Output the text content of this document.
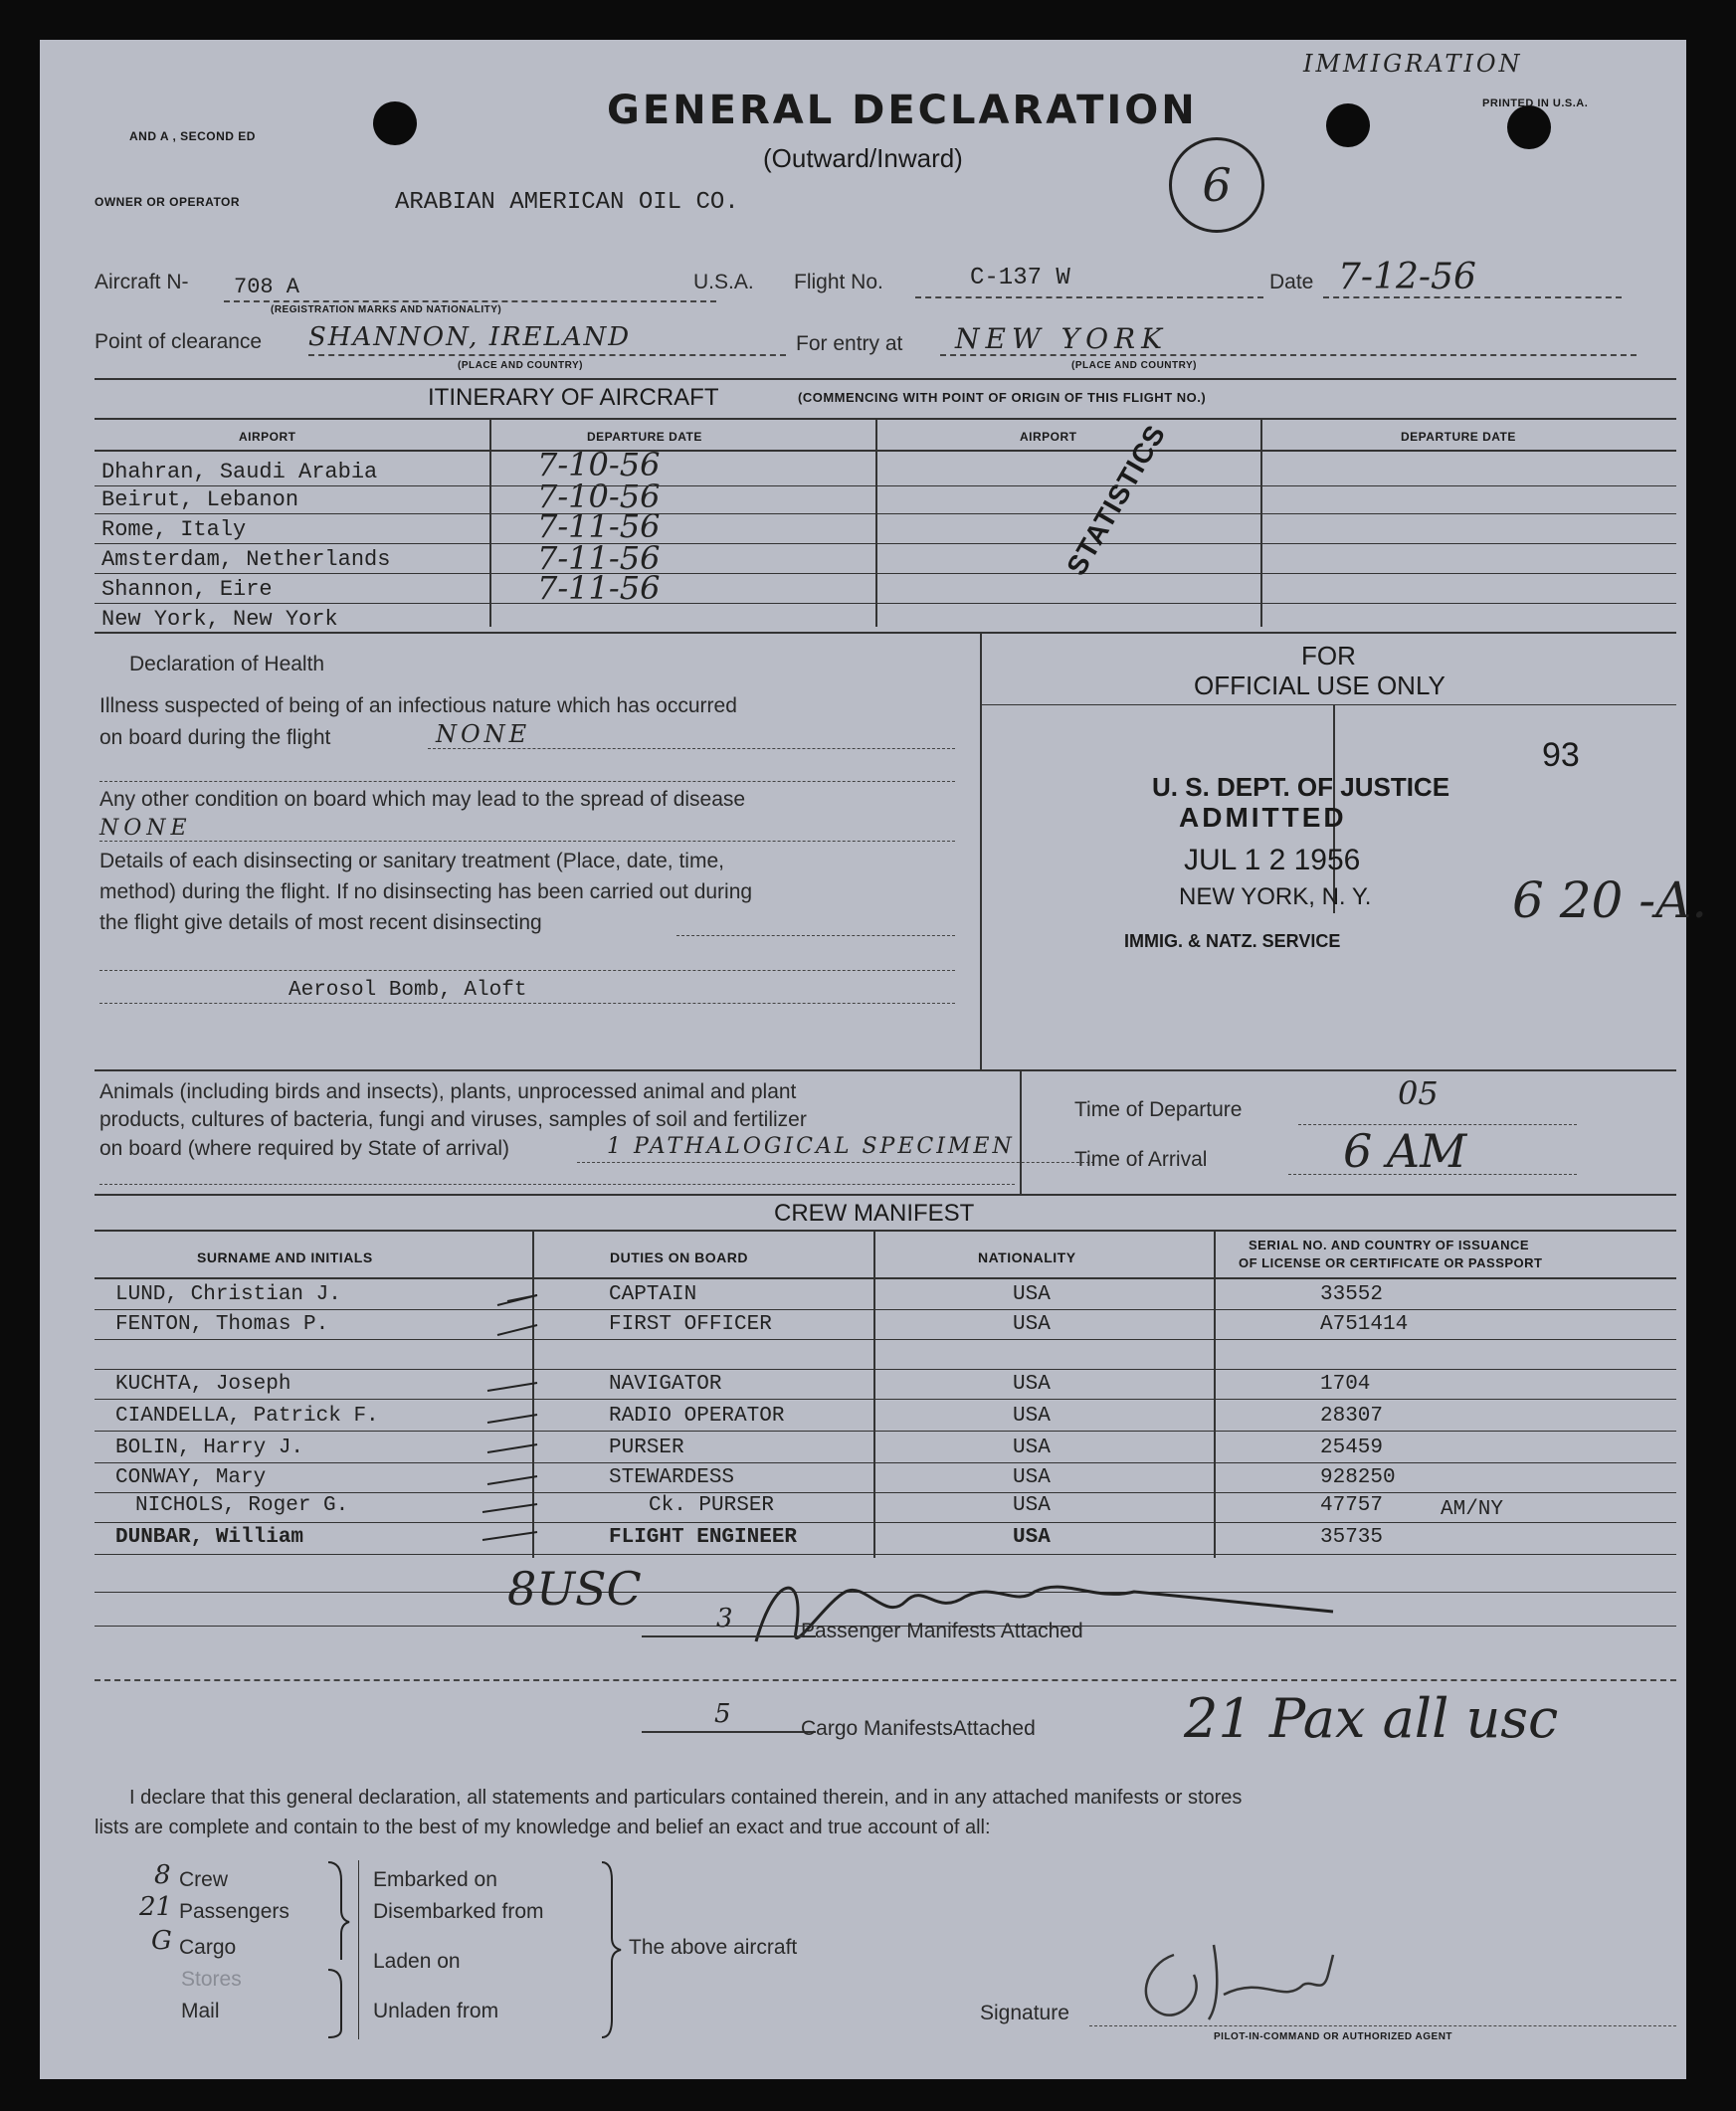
AND A , SECOND ED
GENERAL DECLARATION
(Outward/Inward)
IMMIGRATION
PRINTED IN U.S.A.
6
OWNER OR OPERATOR	ARABIAN AMERICAN OIL CO.
Aircraft N- 708 A
(REGISTRATION MARKS AND NATIONALITY)
U.S.A. Flight No.	C-137 W	Date 7-12-56
Point of clearance SHANNON, IRELAND
(PLACE AND COUNTRY)
For entry at NEW YORK
(PLACE AND COUNTRY)
ITINERARY OF AIRCRAFT	(COMMENCING WITH POINT OF ORIGIN OF THIS FLIGHT NO.)
AIRPORT	DEPARTURE DATE	AIRPORT	DEPARTURE DATE
Dhahran, Saudi Arabia	7-10-56
Beirut, Lebanon	7-10-56
Rome, Italy	7-11-56
Amsterdam, Netherlands	7-11-56
Shannon, Eire	7-11-56
New York, New York
STATISTICS
Declaration of Health
Illness suspected of being of an infectious nature which has occurred
on board during the flight	NONE
Any other condition on board which may lead to the spread of disease
NONE
Details of each disinsecting or sanitary treatment (Place, date, time,
method) during the flight. If no disinsecting has been carried out during
the flight give details of most recent disinsecting
Aerosol Bomb, Aloft
FOR
OFFICIAL USE ONLY
93
U. S. DEPT. OF JUSTICE
ADMITTED
JUL 1 2 1956
NEW YORK, N. Y.
IMMIG. & NATZ. SERVICE
6 20 -A.
Animals (including birds and insects), plants, unprocessed animal and plant
products, cultures of bacteria, fungi and viruses, samples of soil and fertilizer
on board (where required by State of arrival)	1 PATHALOGICAL SPECIMEN
Time of Departure	05
Time of Arrival	6 AM
CREW MANIFEST
SURNAME AND INITIALS	DUTIES ON BOARD	NATIONALITY
SERIAL NO. AND COUNTRY OF ISSUANCE
OF LICENSE OR CERTIFICATE OR PASSPORT
LUND, Christian J.	CAPTAIN	USA	33552
FENTON, Thomas P.	FIRST OFFICER	USA	A751414
KUCHTA, Joseph	NAVIGATOR	USA	1704
CIANDELLA, Patrick F.	RADIO OPERATOR	USA	28307
BOLIN, Harry J.	PURSER	USA	25459
CONWAY, Mary	STEWARDESS	USA	928250
NICHOLS, Roger G.	Ck. PURSER	USA	47757	AM/NY
DUNBAR, William	FLIGHT ENGINEER	USA	35735
8USC
3	Passenger Manifests Attached
5	Cargo ManifestsAttached	21 Pax all usc
I declare that this general declaration, all statements and particulars contained therein, and in any attached manifests or stores
lists are complete and contain to the best of my knowledge and belief an exact and true account of all:
8 Crew
21 Passengers
G Cargo
Stores
Mail
Embarked on
Disembarked from
Laden on
Unladen from
The above aircraft
Signature
PILOT-IN-COMMAND OR AUTHORIZED AGENT
